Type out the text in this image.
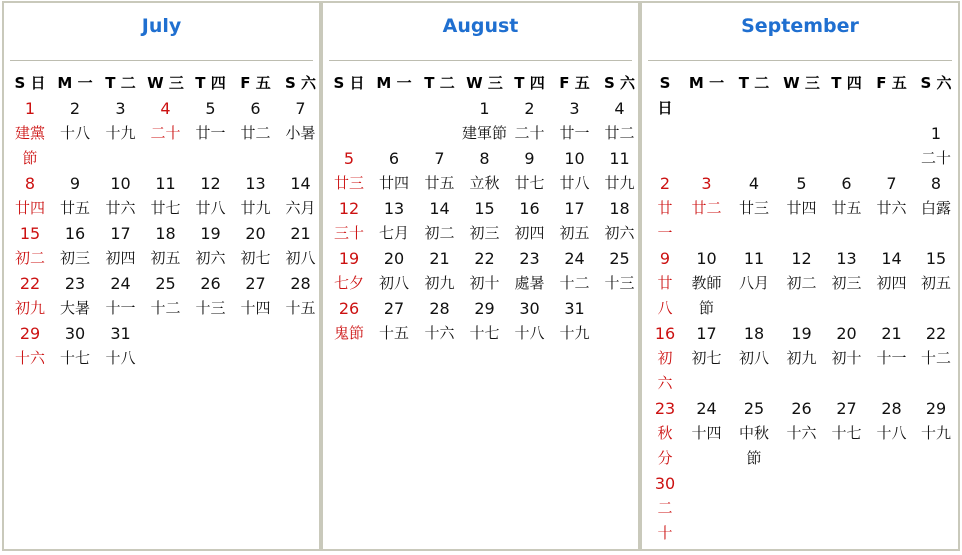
July
S 日 M 一 T 二 W 三 T 四 F 五 S 六
1
建黨節
2
十八
3
十九
4
二十
5
廿一
6
廿二
7
小暑
8
廿四
9
廿五
10
廿六
11
廿七
12
廿八
13
廿九
14
六月
15
初二
16
初三
17
初四
18
初五
19
初六
20
初七
21
初八
22
初九
23
大暑
24
十一
25
十二
26
十三
27
十四
28
十五
29
十六
30
十七
31
十八
August
S 日 M 一 T 二 W 三 T 四 F 五 S 六
1
建軍節
2
二十
3
廿一
4
廿二
5
廿三
6
廿四
7
廿五
8
立秋
9
廿七
10
廿八
11
廿九
12
三十
13
七月
14
初二
15
初三
16
初四
17
初五
18
初六
19
七夕
20
初八
21
初九
22
初十
23
處暑
24
十二
25
十三
26
鬼節
27
十五
28
十六
29
十七
30
十八
31
十九
September
S 日
M 一 T 二 W 三 T 四 F 五 S 六
1
二十
2
廿一
3
廿二
4
廿三
5
廿四
6
廿五
7
廿六
8
白露
9
廿八
10
教師節
11
八月
12
初二
13
初三
14
初四
15
初五
16
初六
17
初七
18
初八
19
初九
20
初十
21
十一
22
十二
23
秋分
24
十四
25
中秋節
26
十六
27
十七
28
十八
29
十九
30
二十
